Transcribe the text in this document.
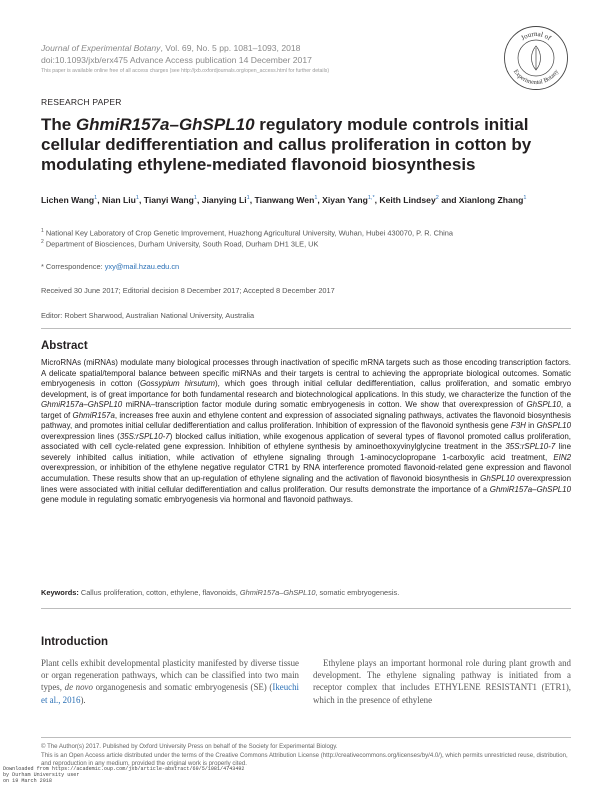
Journal of Experimental Botany, Vol. 69, No. 5 pp. 1081–1093, 2018
doi:10.1093/jxb/erx475 Advance Access publication 14 December 2017
This paper is available online free of all access charges (see http://jxb.oxfordjournals.org/open_access.html for further details)
Journal of
Experimental Botany
RESEARCH PAPER
The GhmiR157a–GhSPL10 regulatory module controls initial cellular dedifferentiation and callus proliferation in cotton by modulating ethylene-mediated flavonoid biosynthesis
Lichen Wang$^1$, Nian Liu$^1$, Tianyi Wang$^1$, Jianying Li$^1$, Tianwang Wen$^1$, Xiyan Yang$^{1,*}$, Keith Lindsey$^2$ and Xianlong Zhang$^1$
$^1$ National Key Laboratory of Crop Genetic Improvement, Huazhong Agricultural University, Wuhan, Hubei 430070, P. R. China
$^2$ Department of Biosciences, Durham University, South Road, Durham DH1 3LE, UK
* Correspondence: yxy@mail.hzau.edu.cn
Received 30 June 2017; Editorial decision 8 December 2017; Accepted 8 December 2017
Editor: Robert Sharwood, Australian National University, Australia
Abstract
MicroRNAs (miRNAs) modulate many biological processes through inactivation of specific mRNA targets such as those encoding transcription factors. A delicate spatial/temporal balance between specific miRNAs and their targets is central to achieving the appropriate biological outcomes. Somatic embryogenesis in cotton (Gossypium hirsutum), which goes through initial cellular dedifferentiation, callus proliferation, and somatic embryo development, is of great importance for both fundamental research and biotechnological applications. In this study, we characterize the function of the GhmiR157a–GhSPL10 miRNA–transcription factor module during somatic embryogenesis in cotton. We show that overexpression of GhSPL10, a target of GhmiR157a, increases free auxin and ethylene content and expression of associated signaling pathways, activates the flavonoid biosynthesis pathway, and promotes initial cellular dedifferentiation and callus proliferation. Inhibition of expression of the flavonoid synthesis gene F3H in GhSPL10 overexpression lines (35S:rSPL10-7) blocked callus initiation, while exogenous application of several types of flavonol promoted callus proliferation, associated with cell cycle-related gene expression. Inhibition of ethylene synthesis by aminoethoxyvinylglycine treatment in the 35S:rSPL10-7 line severely inhibited callus initiation, while activation of ethylene signaling through 1-aminocyclopropane 1-carboxylic acid treatment, EIN2 overexpression, or inhibition of the ethylene negative regulator CTR1 by RNA interference promoted flavonoid-related gene expression and flavonol accumulation. These results show that an up-regulation of ethylene signaling and the activation of flavonoid biosynthesis in GhSPL10 overexpression lines were associated with initial cellular dedifferentiation and callus proliferation. Our results demonstrate the importance of a GhmiR157a–GhSPL10 gene module in regulating somatic embryogenesis via hormonal and flavonoid pathways.
Keywords: Callus proliferation, cotton, ethylene, flavonoids, GhmiR157a–GhSPL10, somatic embryogenesis.
Introduction
Plant cells exhibit developmental plasticity manifested by diverse tissue or organ regeneration pathways, which can be classified into two main types, de novo organogenesis and somatic embryogenesis (SE) (Ikeuchi et al., 2016).
Ethylene plays an important hormonal role during plant growth and development. The ethylene signaling pathway is initiated from a receptor complex that includes ETHYLENE RESISTANT1 (ETR1), which in the presence of ethylene
© The Author(s) 2017. Published by Oxford University Press on behalf of the Society for Experimental Biology.
This is an Open Access article distributed under the terms of the Creative Commons Attribution License (http://creativecommons.org/licenses/by/4.0/), which permits unrestricted reuse, distribution, and reproduction in any medium, provided the original work is properly cited.
Downloaded from https://academic.oup.com/jxb/article-abstract/69/5/1081/4743492
by Durham University user
on 19 March 2018
